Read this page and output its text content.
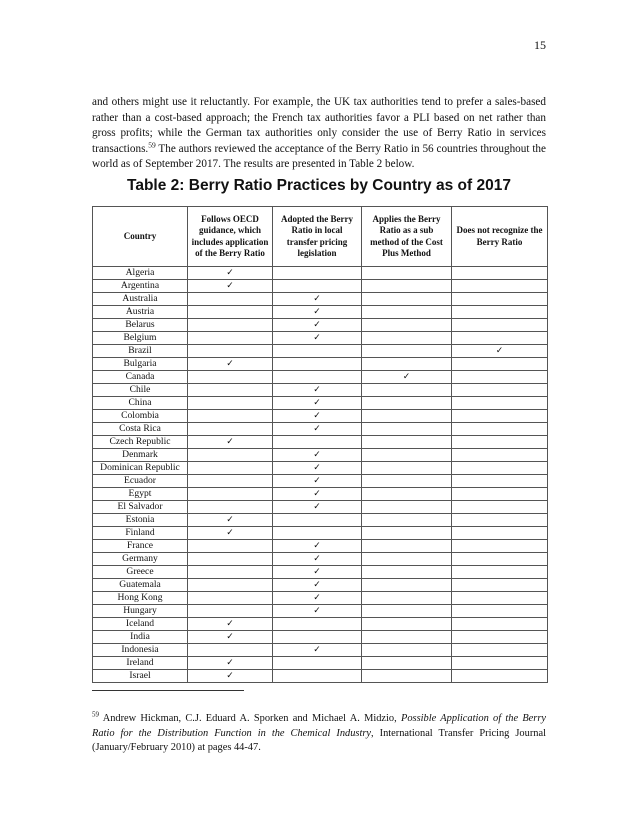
15

and others might use it reluctantly. For example, the UK tax authorities tend to prefer a sales-based rather than a cost-based approach; the French tax authorities favor a PLI based on net rather than gross profits; while the German tax authorities only consider the use of Berry Ratio in services transactions.$^{59}$ The authors reviewed the acceptance of the Berry Ratio in 56 countries throughout the world as of September 2017. The results are presented in Table 2 below.

Table 2: Berry Ratio Practices by Country as of 2017
Country	Follows OECD guidance, which includes application of the Berry Ratio	Adopted the Berry Ratio in local transfer pricing legislation	Applies the Berry Ratio as a sub method of the Cost Plus Method	Does not recognize the Berry Ratio
Algeria	✓			
Argentina	✓			
Australia		✓		
Austria		✓		
Belarus		✓		
Belgium		✓		
Brazil				✓
Bulgaria	✓			
Canada			✓	
Chile		✓		
China		✓		
Colombia		✓		
Costa Rica		✓		
Czech Republic	✓			
Denmark		✓		
Dominican Republic		✓		
Ecuador		✓		
Egypt		✓		
El Salvador		✓		
Estonia	✓			
Finland	✓			
France		✓		
Germany		✓		
Greece		✓		
Guatemala		✓		
Hong Kong		✓		
Hungary		✓		
Iceland	✓			
India	✓			
Indonesia		✓		
Ireland	✓			
Israel	✓			

$^{59}$ Andrew Hickman, C.J. Eduard A. Sporken and Michael A. Midzio, Possible Application of the Berry Ratio for the Distribution Function in the Chemical Industry, International Transfer Pricing Journal (January/February 2010) at pages 44-47.
